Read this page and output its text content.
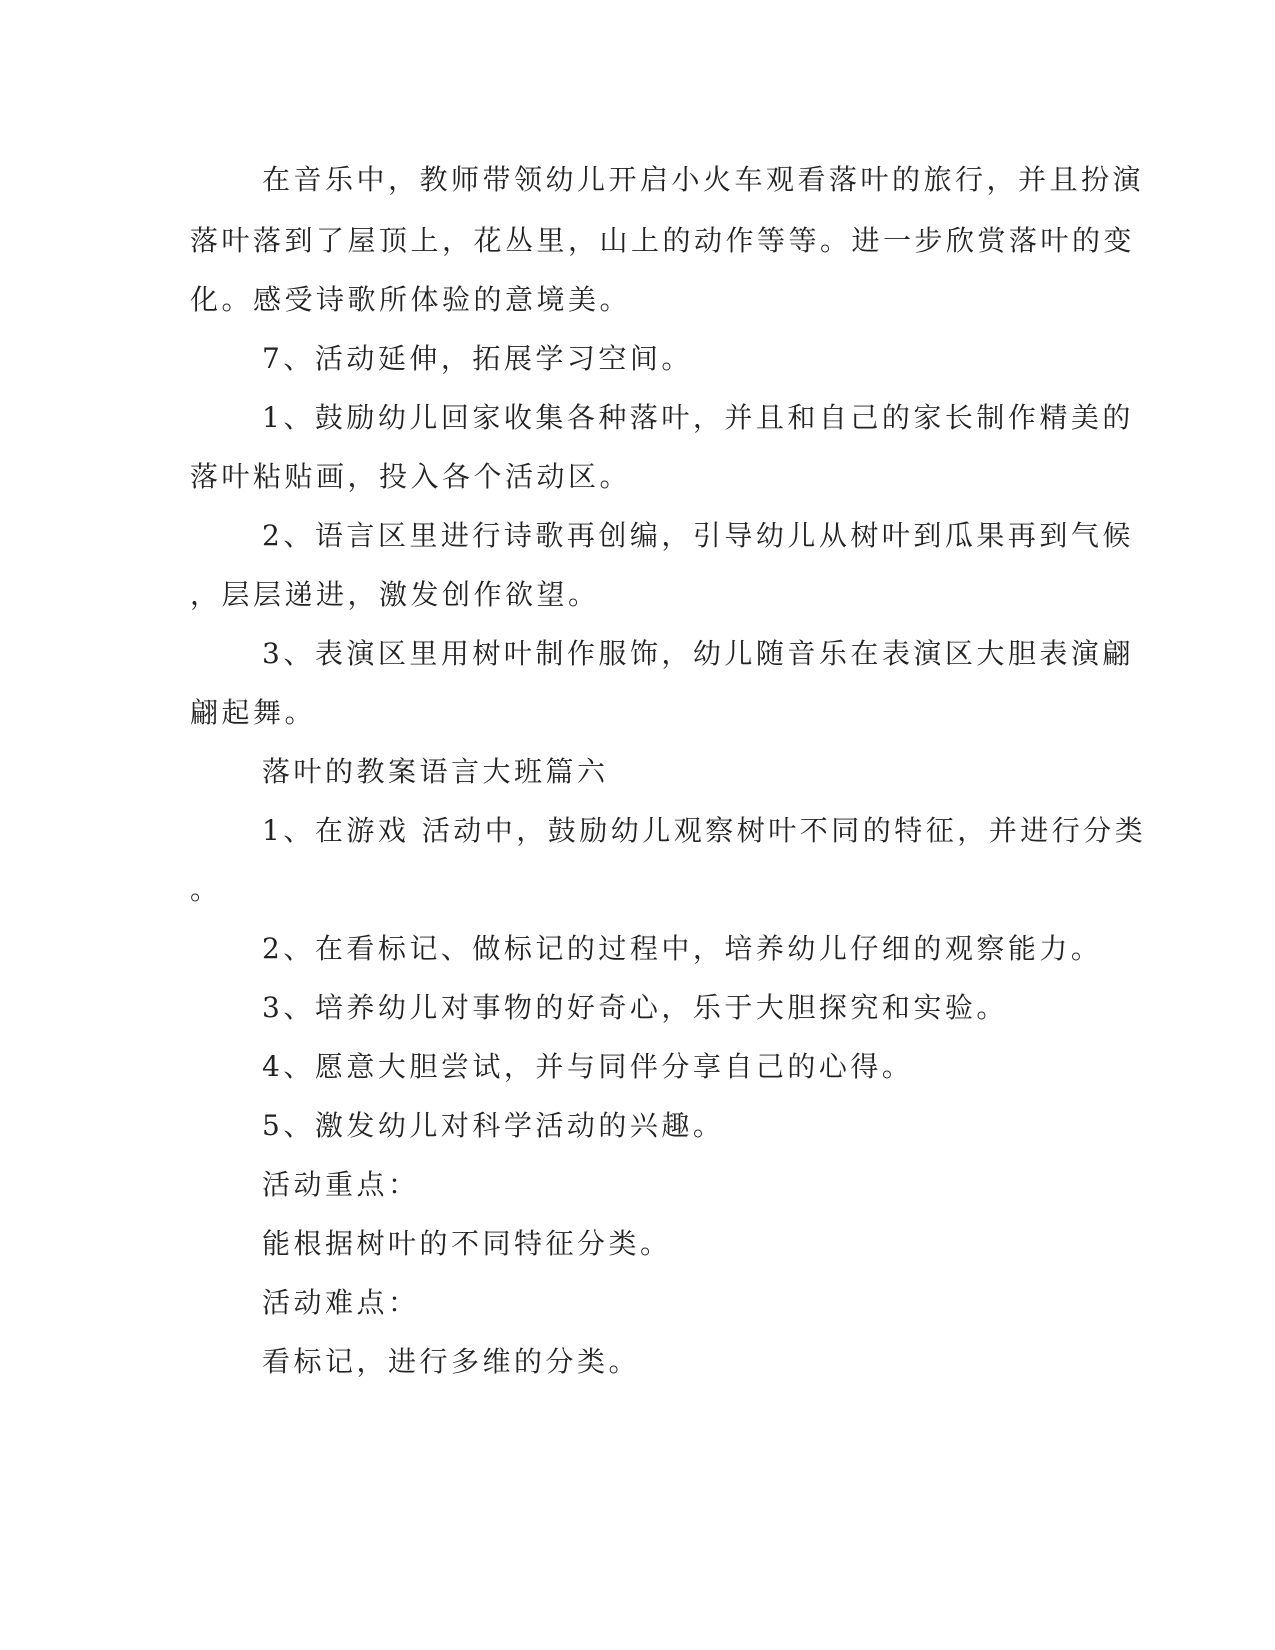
在音乐中，教师带领幼儿开启小火车观看落叶的旅行，并且扮演

落叶落到了屋顶上，花丛里，山上的动作等等。进一步欣赏落叶的变

化。感受诗歌所体验的意境美。

7、活动延伸，拓展学习空间。

1、鼓励幼儿回家收集各种落叶，并且和自己的家长制作精美的

落叶粘贴画，投入各个活动区。

2、语言区里进行诗歌再创编，引导幼儿从树叶到瓜果再到气候

，层层递进，激发创作欲望。

3、表演区里用树叶制作服饰，幼儿随音乐在表演区大胆表演翩

翩起舞。

落叶的教案语言大班篇六

1、在游戏 活动中，鼓励幼儿观察树叶不同的特征，并进行分类

。

2、在看标记、做标记的过程中，培养幼儿仔细的观察能力。

3、培养幼儿对事物的好奇心，乐于大胆探究和实验。

4、愿意大胆尝试，并与同伴分享自己的心得。

5、激发幼儿对科学活动的兴趣。

活动重点：

能根据树叶的不同特征分类。

活动难点：

看标记，进行多维的分类。
